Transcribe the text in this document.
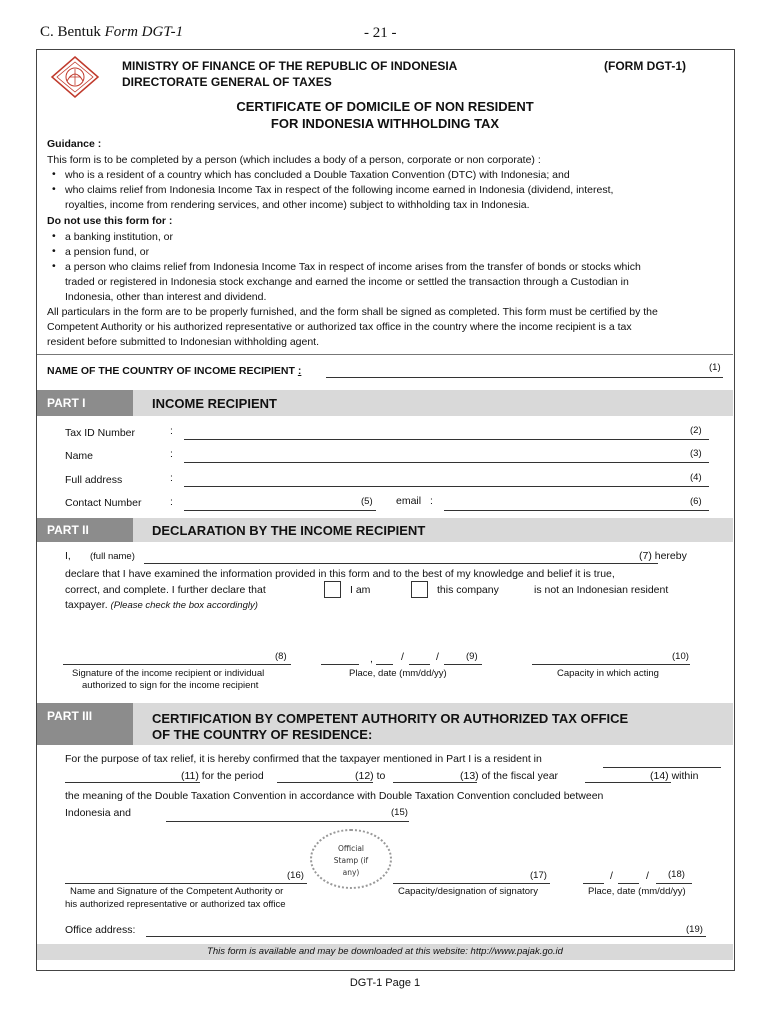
C. Bentuk Form DGT-1	- 21 -
MINISTRY OF FINANCE OF THE REPUBLIC OF INDONESIA
DIRECTORATE GENERAL OF TAXES
(FORM DGT-1)
CERTIFICATE OF DOMICILE OF NON RESIDENT
FOR INDONESIA WITHHOLDING TAX
Guidance :
This form is to be completed by a person (which includes a body of a person, corporate or non corporate) :
• who is a resident of a country which has concluded a Double Taxation Convention (DTC) with Indonesia; and
• who claims relief from Indonesia Income Tax in respect of the following income earned in Indonesia (dividend, interest,
royalties, income from rendering services, and other income) subject to withholding tax in Indonesia.
Do not use this form for :
• a banking institution, or
• a pension fund, or
• a person who claims relief from Indonesia Income Tax in respect of income arises from the transfer of bonds or stocks which
traded or registered in Indonesia stock exchange and earned the income or settled the transaction through a Custodian in
Indonesia, other than interest and dividend.
All particulars in the form are to be properly furnished, and the form shall be signed as completed. This form must be certified by the
Competent Authority or his authorized representative or authorized tax office in the country where the income recipient is a tax
resident before submitted to Indonesian withholding agent.
NAME OF THE COUNTRY OF INCOME RECIPIENT :	(1)
PART I	INCOME RECIPIENT
Tax ID Number	:	(2)
Name	:	(3)
Full address	:	(4)
Contact Number	:	(5) email :	(6)
PART II	DECLARATION BY THE INCOME RECIPIENT
I, (full name)	(7) hereby
declare that I have examined the information provided in this form and to the best of my knowledge and belief it is true,
correct, and complete. I further declare that	I am	this company	is not an Indonesian resident
taxpayer. (Please check the box accordingly)
(8)	,	/	/	(9)	(10)
Signature of the income recipient or individual
authorized to sign for the income recipient
Place, date (mm/dd/yy)	Capacity in which acting
PART III	CERTIFICATION BY COMPETENT AUTHORITY OR AUTHORIZED TAX OFFICE
OF THE COUNTRY OF RESIDENCE:
For the purpose of tax relief, it is hereby confirmed that the taxpayer mentioned in Part I is a resident in
(11) for the period	(12) to	(13) of the fiscal year	(14) within
the meaning of the Double Taxation Convention in accordance with Double Taxation Convention concluded between
Indonesia and	(15)
Official
Stamp (if
any)
(16)	(17)	/	/ (18)
Name and Signature of the Competent Authority or
his authorized representative or authorized tax office
Capacity/designation of signatory	Place, date (mm/dd/yy)
Office address:	(19)
This form is available and may be downloaded at this website: http://www.pajak.go.id
DGT-1 Page 1
